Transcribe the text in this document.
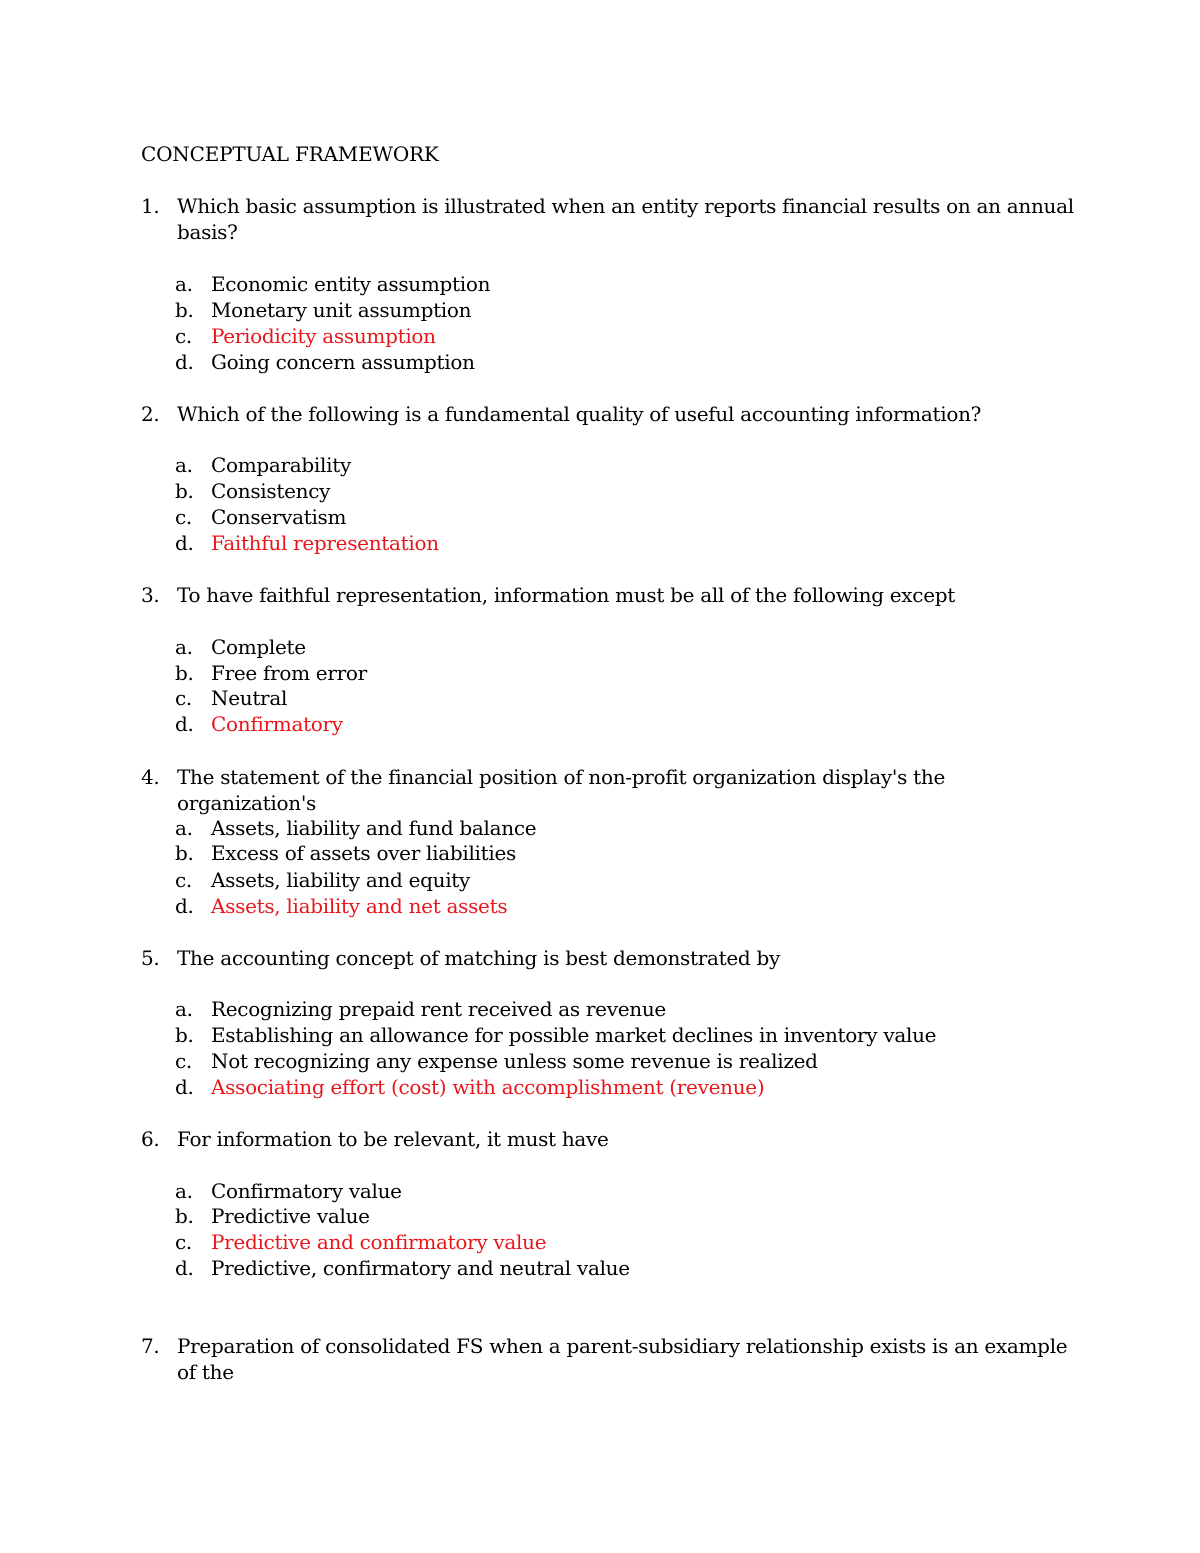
CONCEPTUAL FRAMEWORK
1. Which basic assumption is illustrated when an entity reports financial results on an annual basis?
a. Economic entity assumption
b. Monetary unit assumption
c. Periodicity assumption
d. Going concern assumption
2. Which of the following is a fundamental quality of useful accounting information?
a. Comparability
b. Consistency
c. Conservatism
d. Faithful representation
3. To have faithful representation, information must be all of the following except
a. Complete
b. Free from error
c. Neutral
d. Confirmatory
4. The statement of the financial position of non-profit organization display's the organization's
a. Assets, liability and fund balance
b. Excess of assets over liabilities
c. Assets, liability and equity
d. Assets, liability and net assets
5. The accounting concept of matching is best demonstrated by
a. Recognizing prepaid rent received as revenue
b. Establishing an allowance for possible market declines in inventory value
c. Not recognizing any expense unless some revenue is realized
d. Associating effort (cost) with accomplishment (revenue)
6. For information to be relevant, it must have
a. Confirmatory value
b. Predictive value
c. Predictive and confirmatory value
d. Predictive, confirmatory and neutral value
7. Preparation of consolidated FS when a parent-subsidiary relationship exists is an example of the
